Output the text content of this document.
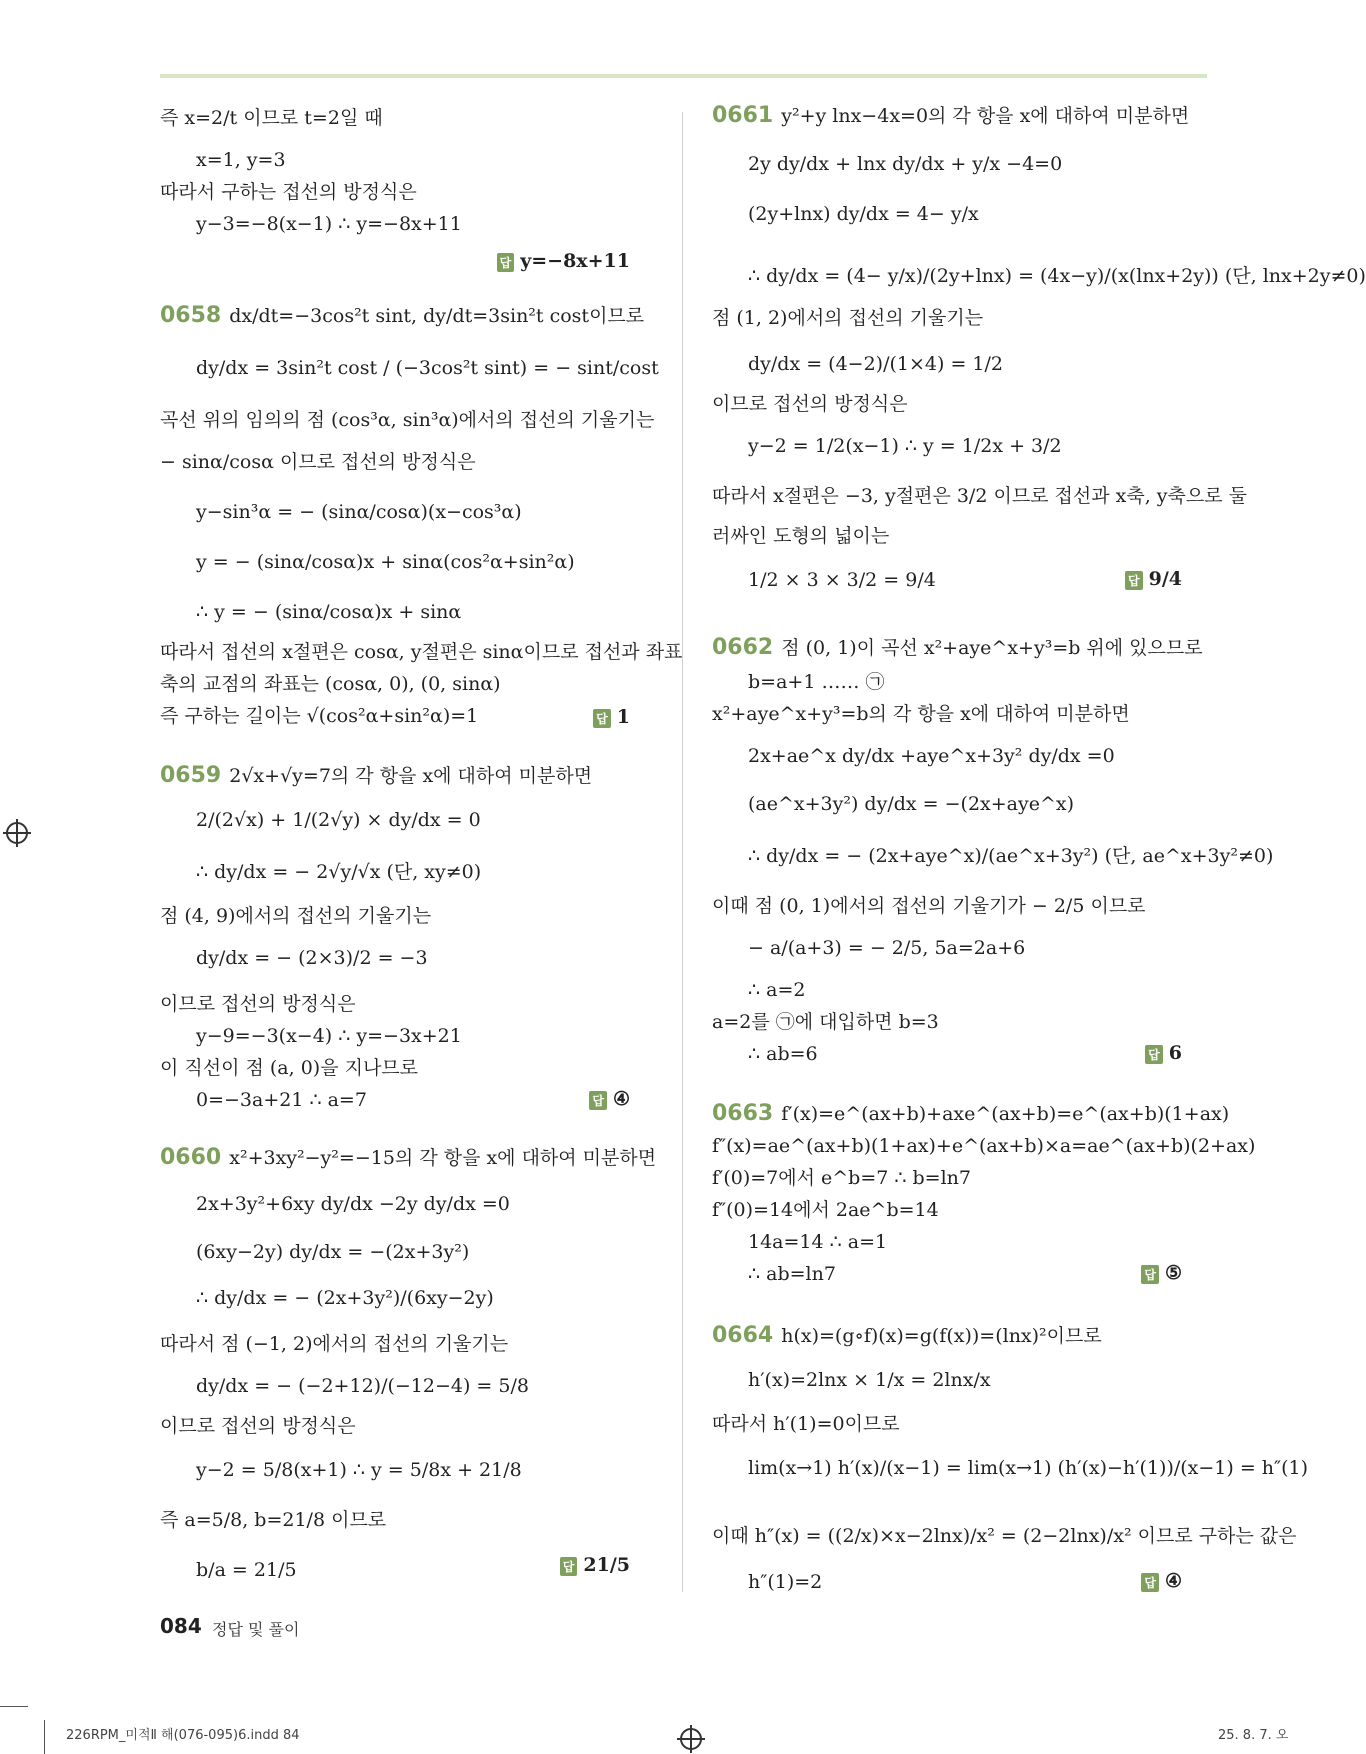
즉 x=2/t 이므로 t=2일 때
x=1, y=3
따라서 구하는 접선의 방정식은
y−3=−8(x−1) ∴ y=−8x+11
0658 dx/dt=−3cos²t sint, dy/dt=3sin²t cost이므로
dy/dx = 3sin²t cost / (−3cos²t sint) = − sint/cost
곡선 위의 임의의 점 (cos³α, sin³α)에서의 접선의 기울기는
− sinα/cosα 이므로 접선의 방정식은
y−sin³α = − (sinα/cosα)(x−cos³α)
y = − (sinα/cosα)x + sinα(cos²α+sin²α)
∴ y = − (sinα/cosα)x + sinα
따라서 접선의 x절편은 cosα, y절편은 sinα이므로 접선과 좌표
축의 교점의 좌표는 (cosα, 0), (0, sinα)
즉 구하는 길이는 √(cos²α+sin²α)=1
0659 2√x+√y=7의 각 항을 x에 대하여 미분하면
2/(2√x) + 1/(2√y) × dy/dx = 0
∴ dy/dx = − 2√y/√x (단, xy≠0)
점 (4, 9)에서의 접선의 기울기는
dy/dx = − (2×3)/2 = −3
이므로 접선의 방정식은
y−9=−3(x−4) ∴ y=−3x+21
이 직선이 점 (a, 0)을 지나므로
0=−3a+21 ∴ a=7
0660 x²+3xy²−y²=−15의 각 항을 x에 대하여 미분하면
2x+3y²+6xy dy/dx −2y dy/dx =0
(6xy−2y) dy/dx = −(2x+3y²)
∴ dy/dx = − (2x+3y²)/(6xy−2y)
따라서 점 (−1, 2)에서의 접선의 기울기는
dy/dx = − (−2+12)/(−12−4) = 5/8
이므로 접선의 방정식은
y−2 = 5/8(x+1) ∴ y = 5/8x + 21/8
즉 a=5/8, b=21/8 이므로
b/a = 21/5
답 y=−8x+11
답 1
답 ④
답 21/5
0661 y²+y lnx−4x=0의 각 항을 x에 대하여 미분하면
2y dy/dx + lnx dy/dx + y/x −4=0
(2y+lnx) dy/dx = 4− y/x
∴ dy/dx = (4− y/x)/(2y+lnx) = (4x−y)/(x(lnx+2y)) (단, lnx+2y≠0)
점 (1, 2)에서의 접선의 기울기는
dy/dx = (4−2)/(1×4) = 1/2
이므로 접선의 방정식은
y−2 = 1/2(x−1) ∴ y = 1/2x + 3/2
따라서 x절편은 −3, y절편은 3/2 이므로 접선과 x축, y축으로 둘
러싸인 도형의 넓이는
1/2 × 3 × 3/2 = 9/4
0662 점 (0, 1)이 곡선 x²+aye^x+y³=b 위에 있으므로
b=a+1 …… ㉠
x²+aye^x+y³=b의 각 항을 x에 대하여 미분하면
2x+ae^x dy/dx +aye^x+3y² dy/dx =0
(ae^x+3y²) dy/dx = −(2x+aye^x)
∴ dy/dx = − (2x+aye^x)/(ae^x+3y²) (단, ae^x+3y²≠0)
이때 점 (0, 1)에서의 접선의 기울기가 − 2/5 이므로
− a/(a+3) = − 2/5, 5a=2a+6
∴ a=2
a=2를 ㉠에 대입하면 b=3
∴ ab=6
0663 f′(x)=e^(ax+b)+axe^(ax+b)=e^(ax+b)(1+ax)
f″(x)=ae^(ax+b)(1+ax)+e^(ax+b)×a=ae^(ax+b)(2+ax)
f′(0)=7에서 e^b=7 ∴ b=ln7
f″(0)=14에서 2ae^b=14
14a=14 ∴ a=1
∴ ab=ln7
0664 h(x)=(g∘f)(x)=g(f(x))=(lnx)²이므로
h′(x)=2lnx × 1/x = 2lnx/x
따라서 h′(1)=0이므로
lim(x→1) h′(x)/(x−1) = lim(x→1) (h′(x)−h′(1))/(x−1) = h″(1)
이때 h″(x) = ((2/x)×x−2lnx)/x² = (2−2lnx)/x² 이므로 구하는 값은
h″(1)=2
답 9/4
답 6
답 ⑤
답 ④
084 정답 및 풀이
226RPM_미적Ⅱ 해(076-095)6.indd 84	25. 8. 7. 오
